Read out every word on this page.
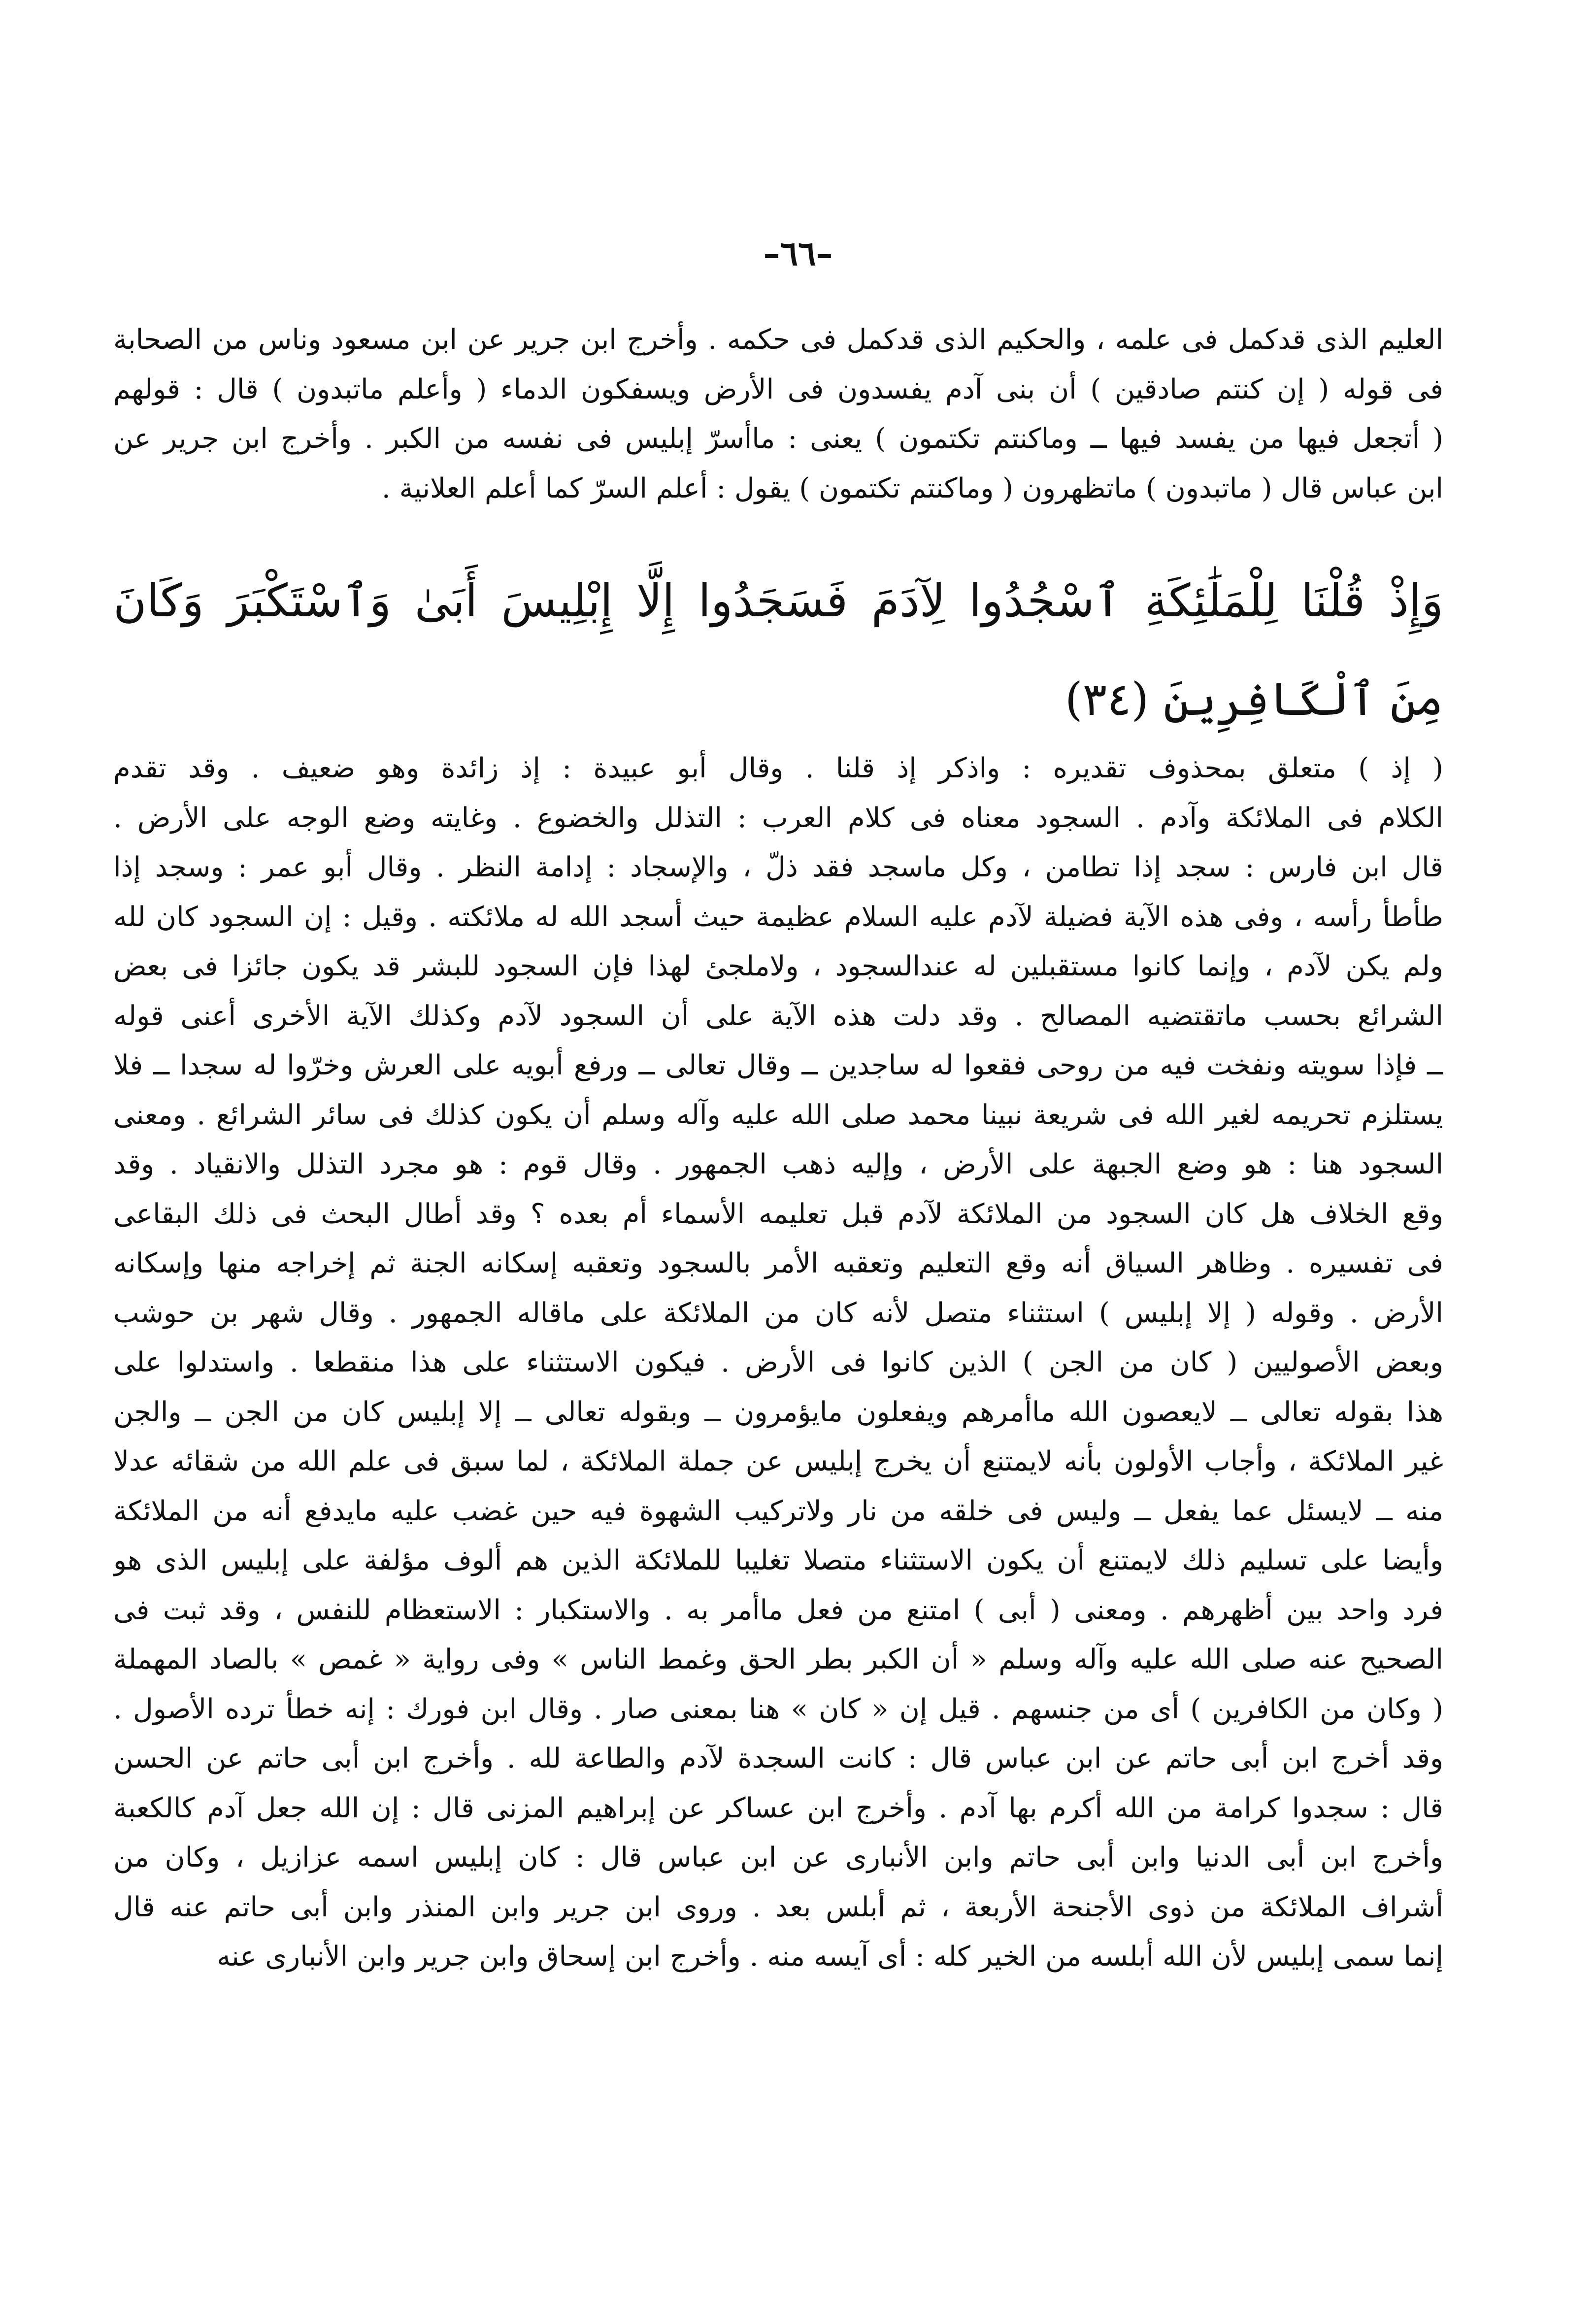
–٦٦–
العليم الذى قدكمل فى علمه ، والحكيم الذى قدكمل فى حكمه . وأخرج ابن جرير عن ابن مسعود وناس من الصحابة
فى قوله ( إن كنتم صادقين ) أن بنى آدم يفسدون فى الأرض ويسفكون الدماء ( وأعلم ماتبدون ) قال : قولهم
( أتجعل فيها من يفسد فيها ــ وماكنتم تكتمون ) يعنى : ماأسرّ إبليس فى نفسه من الكبر . وأخرج ابن جرير عن
ابن عباس قال ( ماتبدون ) ماتظهرون ( وماكنتم تكتمون ) يقول : أعلم السرّ كما أعلم العلانية .
وَإِذْ قُلْنَا لِلْمَلَٰئِكَةِ ٱسْجُدُوا لِآدَمَ فَسَجَدُوا إِلَّا إِبْلِيسَ أَبَىٰ وَٱسْتَكْبَرَ وَكَانَ
مِنَ ٱلْكَافِرِينَ (٣٤)
( إذ ) متعلق بمحذوف تقديره : واذكر إذ قلنا . وقال أبو عبيدة : إذ زائدة وهو ضعيف . وقد تقدم
الكلام فى الملائكة وآدم . السجود معناه فى كلام العرب : التذلل والخضوع . وغايته وضع الوجه على الأرض .
قال ابن فارس : سجد إذا تطامن ، وكل ماسجد فقد ذلّ ، والإسجاد : إدامة النظر . وقال أبو عمر : وسجد إذا
طأطأ رأسه ، وفى هذه الآية فضيلة لآدم عليه السلام عظيمة حيث أسجد الله له ملائكته . وقيل : إن السجود كان لله
ولم يكن لآدم ، وإنما كانوا مستقبلين له عندالسجود ، ولاملجئ لهذا فإن السجود للبشر قد يكون جائزا فى بعض
الشرائع بحسب ماتقتضيه المصالح . وقد دلت هذه الآية على أن السجود لآدم وكذلك الآية الأخرى أعنى قوله
ــ فإذا سويته ونفخت فيه من روحى فقعوا له ساجدين ــ وقال تعالى ــ ورفع أبويه على العرش وخرّوا له سجدا ــ فلا
يستلزم تحريمه لغير الله فى شريعة نبينا محمد صلى الله عليه وآله وسلم أن يكون كذلك فى سائر الشرائع . ومعنى
السجود هنا : هو وضع الجبهة على الأرض ، وإليه ذهب الجمهور . وقال قوم : هو مجرد التذلل والانقياد . وقد
وقع الخلاف هل كان السجود من الملائكة لآدم قبل تعليمه الأسماء أم بعده ؟ وقد أطال البحث فى ذلك البقاعى
فى تفسيره . وظاهر السياق أنه وقع التعليم وتعقبه الأمر بالسجود وتعقبه إسكانه الجنة ثم إخراجه منها وإسكانه
الأرض . وقوله ( إلا إبليس ) استثناء متصل لأنه كان من الملائكة على ماقاله الجمهور . وقال شهر بن حوشب
وبعض الأصوليين ( كان من الجن ) الذين كانوا فى الأرض . فيكون الاستثناء على هذا منقطعا . واستدلوا على
هذا بقوله تعالى ــ لايعصون الله ماأمرهم ويفعلون مايؤمرون ــ وبقوله تعالى ــ إلا إبليس كان من الجن ــ والجن
غير الملائكة ، وأجاب الأولون بأنه لايمتنع أن يخرج إبليس عن جملة الملائكة ، لما سبق فى علم الله من شقائه عدلا
منه ــ لايسئل عما يفعل ــ وليس فى خلقه من نار ولاتركيب الشهوة فيه حين غضب عليه مايدفع أنه من الملائكة
وأيضا على تسليم ذلك لايمتنع أن يكون الاستثناء متصلا تغليبا للملائكة الذين هم ألوف مؤلفة على إبليس الذى هو
فرد واحد بين أظهرهم . ومعنى ( أبى ) امتنع من فعل ماأمر به . والاستكبار : الاستعظام للنفس ، وقد ثبت فى
الصحيح عنه صلى الله عليه وآله وسلم « أن الكبر بطر الحق وغمط الناس » وفى رواية « غمص » بالصاد المهملة
( وكان من الكافرين ) أى من جنسهم . قيل إن « كان » هنا بمعنى صار . وقال ابن فورك : إنه خطأ ترده الأصول .
وقد أخرج ابن أبى حاتم عن ابن عباس قال : كانت السجدة لآدم والطاعة لله . وأخرج ابن أبى حاتم عن الحسن
قال : سجدوا كرامة من الله أكرم بها آدم . وأخرج ابن عساكر عن إبراهيم المزنى قال : إن الله جعل آدم كالكعبة
وأخرج ابن أبى الدنيا وابن أبى حاتم وابن الأنبارى عن ابن عباس قال : كان إبليس اسمه عزازيل ، وكان من
أشراف الملائكة من ذوى الأجنحة الأربعة ، ثم أبلس بعد . وروى ابن جرير وابن المنذر وابن أبى حاتم عنه قال
إنما سمى إبليس لأن الله أبلسه من الخير كله : أى آيسه منه . وأخرج ابن إسحاق وابن جرير وابن الأنبارى عنه
